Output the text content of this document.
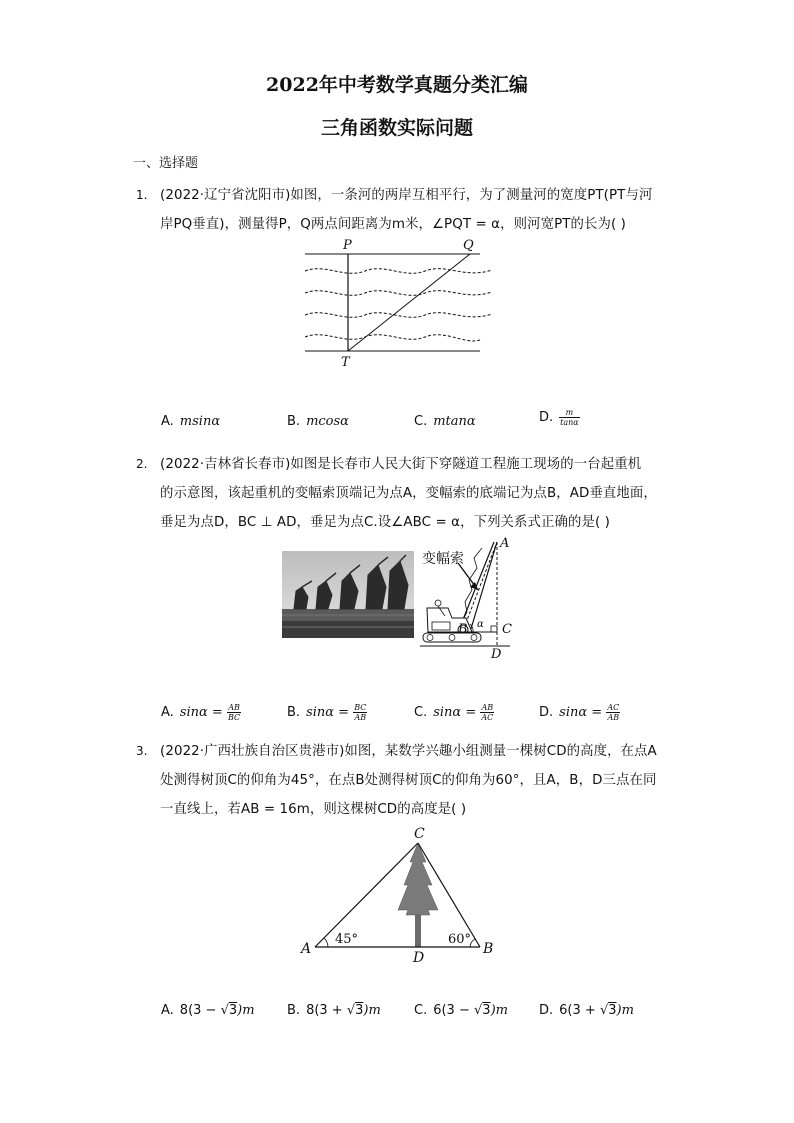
2022年中考数学真题分类汇编
三角函数实际问题
一、选择题
1. (2022·辽宁省沈阳市)如图，一条河的两岸互相平行，为了测量河的宽度PT(PT与河
岸PQ垂直)，测量得P，Q两点间距离为m米，∠PQT = α，则河宽PT的长为( )
P	Q
T
A. msinα	B. mcosα	C. mtanα	D. $\frac{m}{\tan\alpha}$
2. (2022·吉林省长春市)如图是长春市人民大街下穿隧道工程施工现场的一台起重机
的示意图，该起重机的变幅索顶端记为点A，变幅索的底端记为点B，AD垂直地面，
垂足为点D，BC ⊥ AD，垂足为点C.设∠ABC = α，下列关系式正确的是( )
变幅索
A
B	C
D
α
A. $\sin\alpha = \frac{AB}{BC}$	B. $\sin\alpha = \frac{BC}{AB}$	C. $\sin\alpha = \frac{AB}{AC}$	D. $\sin\alpha = \frac{AC}{AB}$
3. (2022·广西壮族自治区贵港市)如图，某数学兴趣小组测量一棵树CD的高度，在点A
处测得树顶C的仰角为45°，在点B处测得树顶C的仰角为60°，且A，B，D三点在同
一直线上，若AB = 16m，则这棵树CD的高度是( )
C
A	B
D
45°	60°
A. 8(3 − √3)m B. 8(3 + √3)m	C. 6(3 − √3)m D. 6(3 + √3)m
